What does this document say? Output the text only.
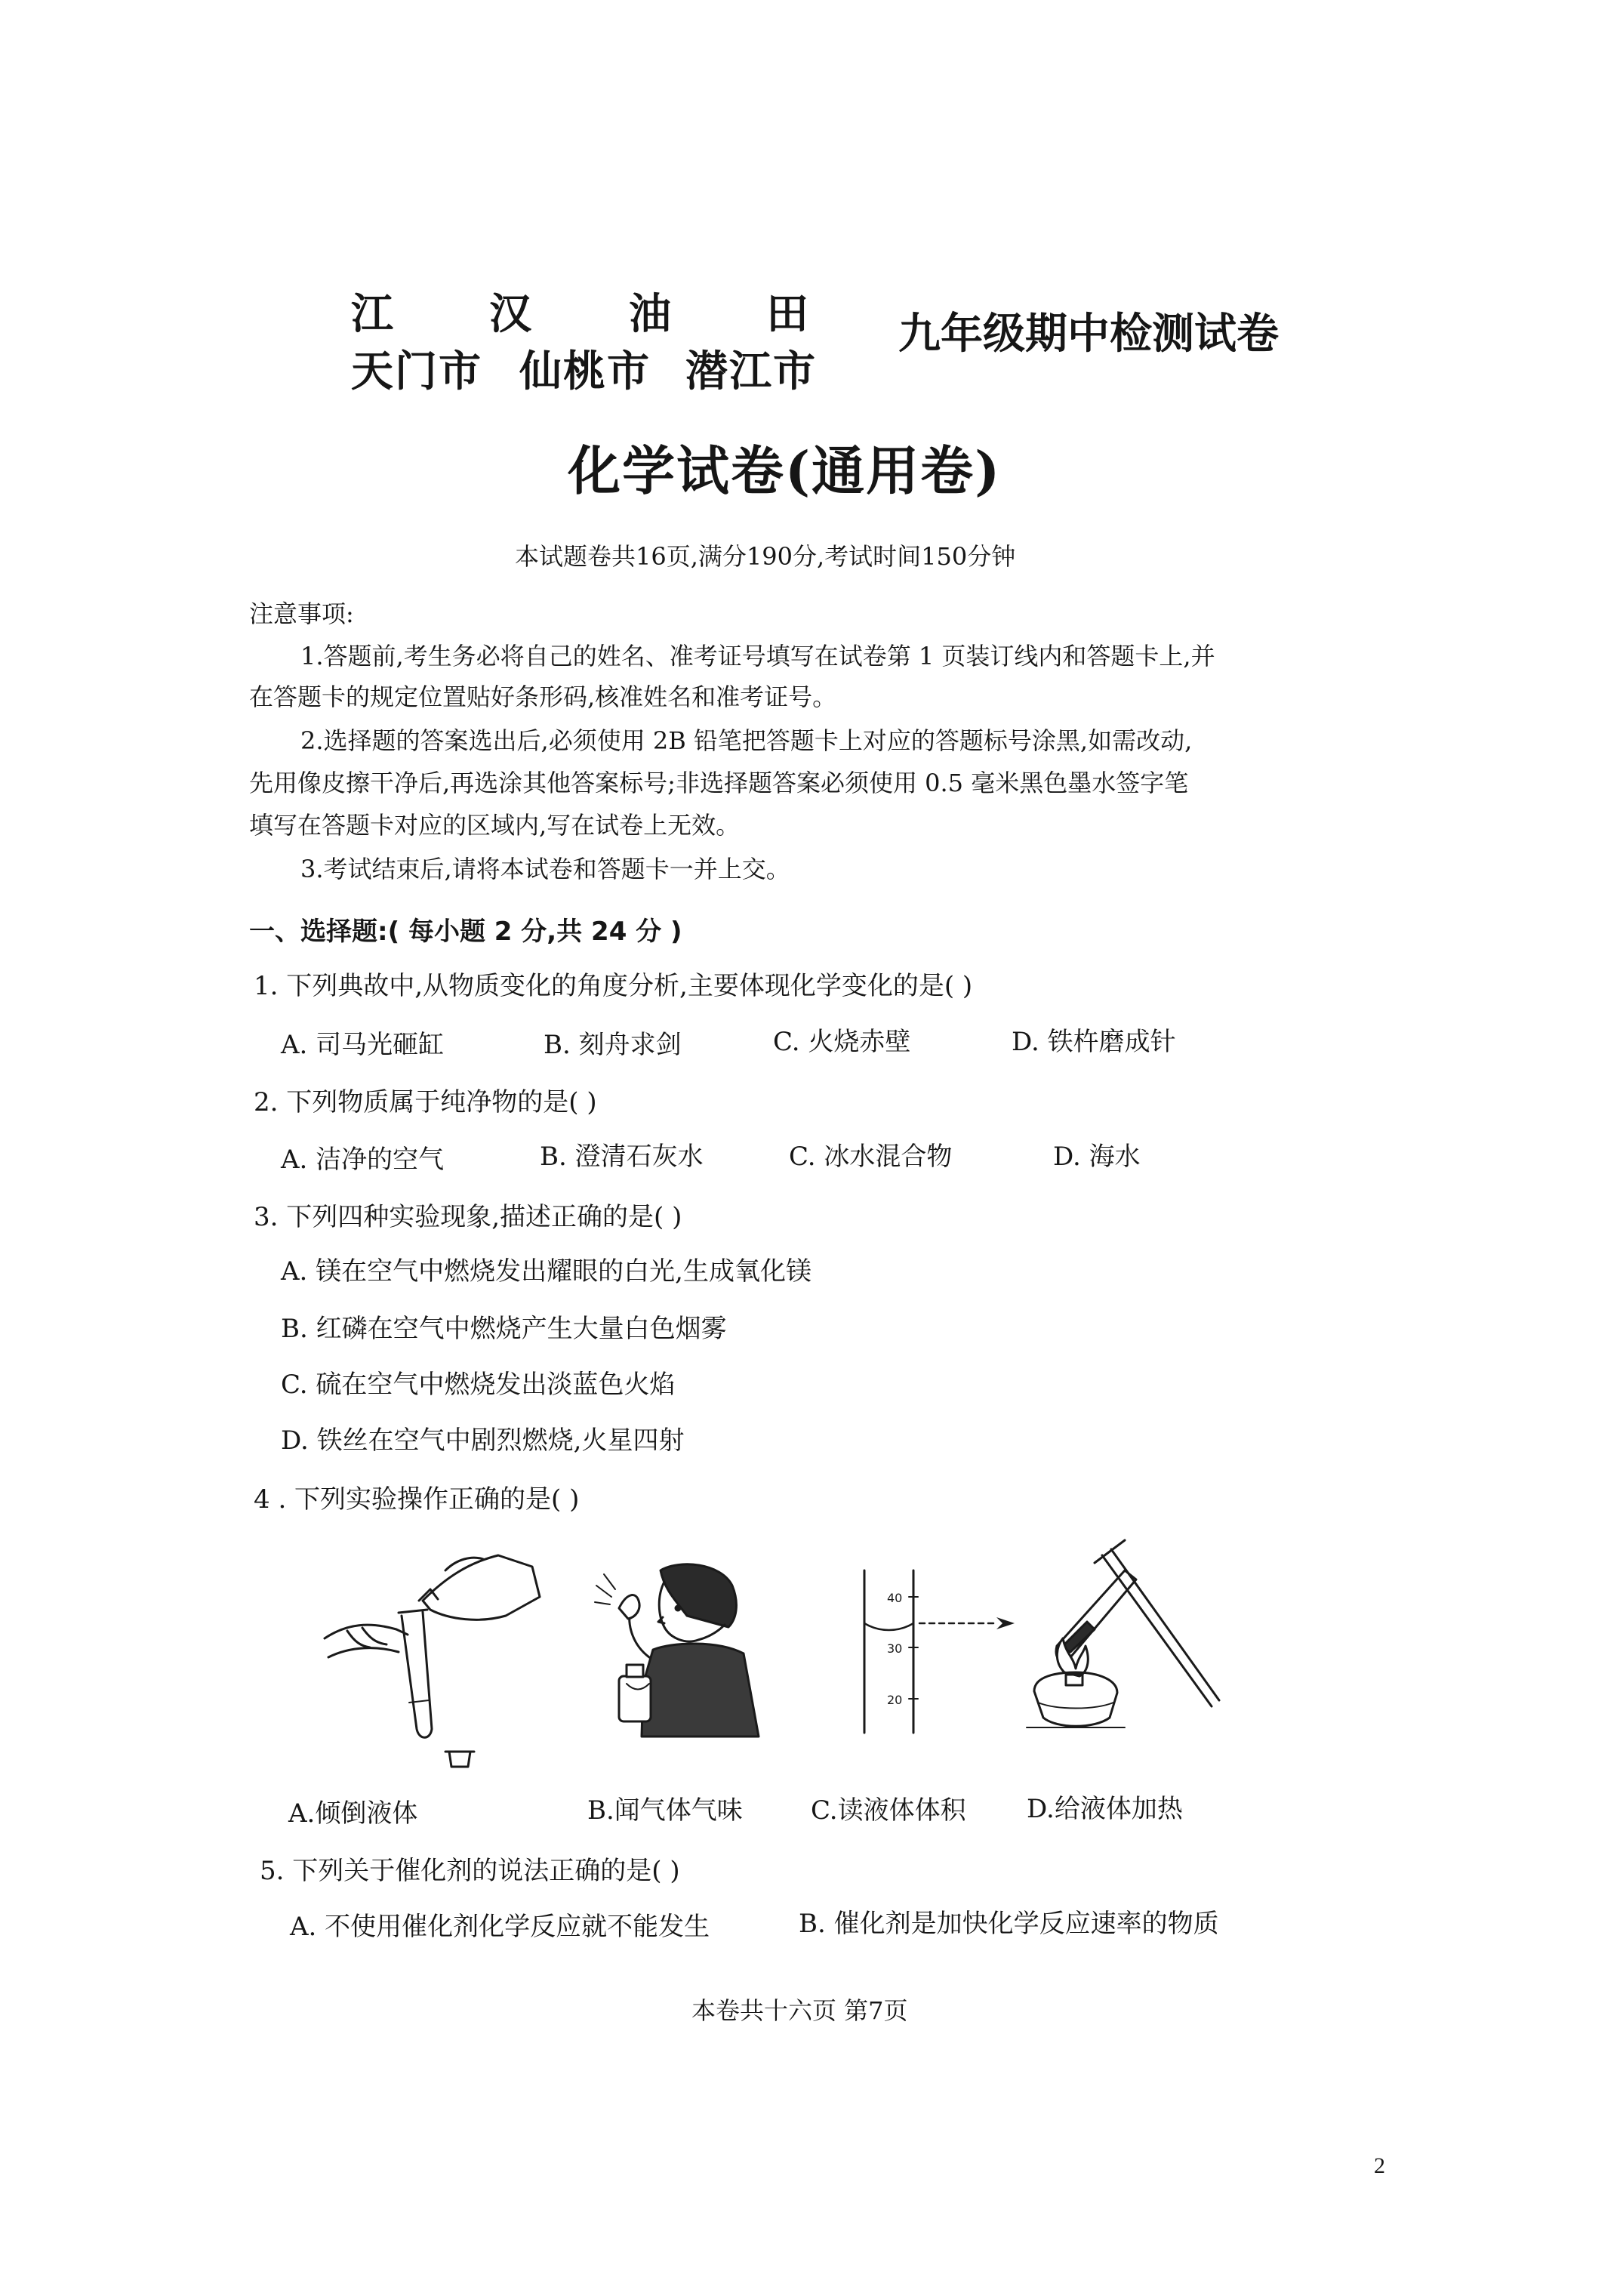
江 汉 油 田
天门市 仙桃市 潜江市
九年级期中检测试卷
化学试卷(通用卷)
本试题卷共16页,满分190分,考试时间150分钟
注意事项:
1.答题前,考生务必将自己的姓名、准考证号填写在试卷第 1 页装订线内和答题卡上,并
在答题卡的规定位置贴好条形码,核准姓名和准考证号。
2.选择题的答案选出后,必须使用 2B 铅笔把答题卡上对应的答题标号涂黑,如需改动,
先用像皮擦干净后,再选涂其他答案标号;非选择题答案必须使用 0.5 毫米黑色墨水签字笔
填写在答题卡对应的区域内,写在试卷上无效。
3.考试结束后,请将本试卷和答题卡一并上交。
一、选择题:( 每小题 2 分,共 24 分 )
1. 下列典故中,从物质变化的角度分析,主要体现化学变化的是( )
A. 司马光砸缸	B. 刻舟求剑	C. 火烧赤壁	D. 铁杵磨成针
2. 下列物质属于纯净物的是( )
A. 洁净的空气	B. 澄清石灰水	C. 冰水混合物	D. 海水
3. 下列四种实验现象,描述正确的是( )
A. 镁在空气中燃烧发出耀眼的白光,生成氧化镁
B. 红磷在空气中燃烧产生大量白色烟雾
C. 硫在空气中燃烧发出淡蓝色火焰
D. 铁丝在空气中剧烈燃烧,火星四射
4 . 下列实验操作正确的是( )
40
30
20
A.倾倒液体	B.闻气体气味	C.读液体体积 D.给液体加热
5. 下列关于催化剂的说法正确的是( )
A. 不使用催化剂化学反应就不能发生	B. 催化剂是加快化学反应速率的物质
本卷共十六页 第7页
2
